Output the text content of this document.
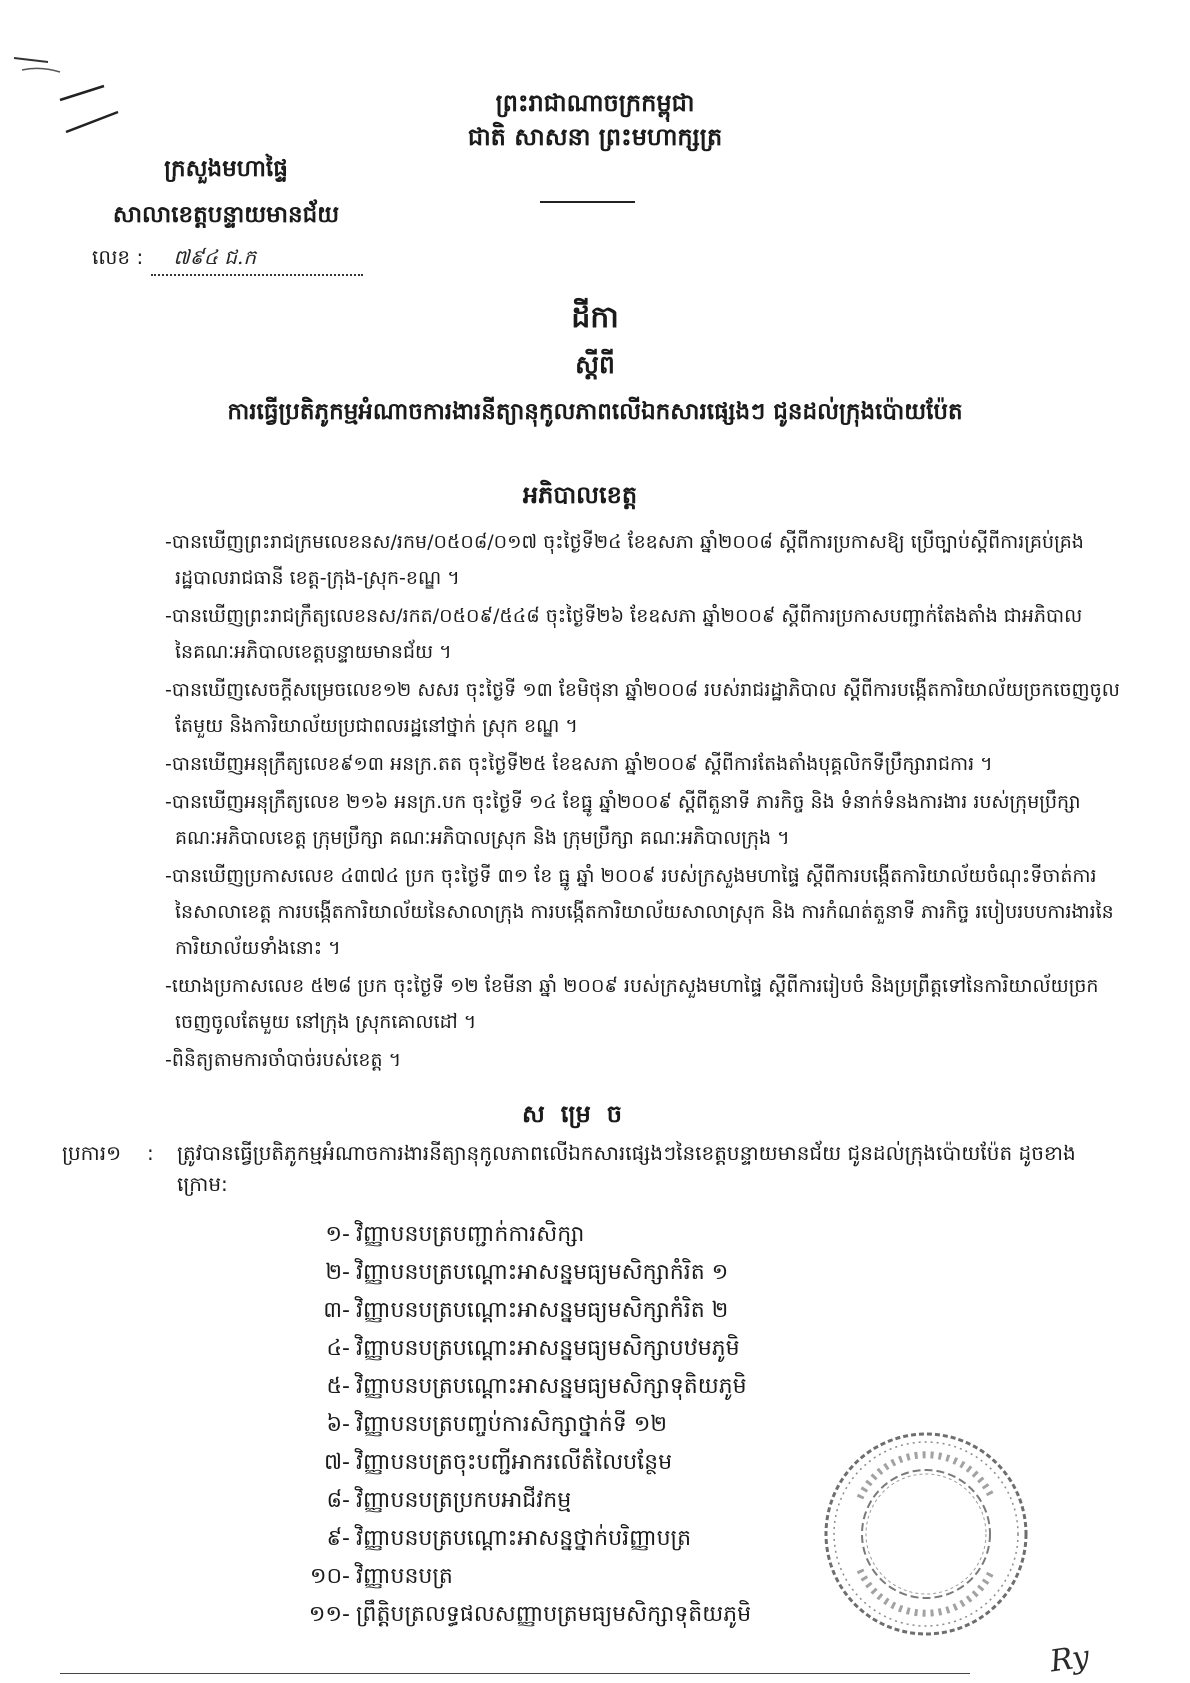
ព្រះរាជាណាចក្រកម្ពុជា
ជាតិ សាសនា ព្រះមហាក្សត្រ
ក្រសួងមហាផ្ទៃ
សាលាខេត្តបន្ទាយមានជ័យ
លេខ : ៧៩៤ ជ.ក
ដីកា
ស្តីពី
ការធ្វើប្រតិភូកម្មអំណាចការងារនីត្យានុកូលភាពលើឯកសារផ្សេងៗ ជូនដល់ក្រុងប៉ោយប៉ែត
អភិបាលខេត្ត

-បានឃើញព្រះរាជក្រមលេខនស/រកម/០៥០៨/០១៧ ចុះថ្ងៃទី២៤ ខែឧសភា ឆ្នាំ២០០៨ ស្តីពីការប្រកាសឱ្យ ប្រើច្បាប់ស្តីពីការគ្រប់គ្រងរដ្ឋបាលរាជធានី ខេត្ត-ក្រុង-ស្រុក-ខណ្ឌ ។

-បានឃើញព្រះរាជក្រឹត្យលេខនស/រកត/០៥០៩/៥៤៨ ចុះថ្ងៃទី២៦ ខែឧសភា ឆ្នាំ២០០៩ ស្តីពីការប្រកាសបញ្ជាក់តែងតាំង ជាអភិបាល នៃគណៈអភិបាលខេត្តបន្ទាយមានជ័យ ។

-បានឃើញសេចក្តីសម្រេចលេខ១២ សសរ ចុះថ្ងៃទី ១៣ ខែមិថុនា ឆ្នាំ២០០៨ របស់រាជរដ្ឋាភិបាល ស្តីពីការបង្កើតការិយាល័យច្រកចេញចូលតែមួយ និងការិយាល័យប្រជាពលរដ្ឋនៅថ្នាក់ ស្រុក ខណ្ឌ ។

-បានឃើញអនុក្រឹត្យលេខ៩១៣ អនក្រ.តត ចុះថ្ងៃទី២៥ ខែឧសភា ឆ្នាំ២០០៩ ស្តីពីការតែងតាំងបុគ្គលិកទីប្រឹក្សារាជការ ។

-បានឃើញអនុក្រឹត្យលេខ ២១៦ អនក្រ.បក ចុះថ្ងៃទី ១៤ ខែធ្នូ ឆ្នាំ២០០៩ ស្តីពីតួនាទី ភារកិច្ច និង ទំនាក់ទំនងការងារ របស់ក្រុមប្រឹក្សា គណៈអភិបាលខេត្ត ក្រុមប្រឹក្សា គណៈអភិបាលស្រុក និង ក្រុមប្រឹក្សា គណៈអភិបាលក្រុង ។

-បានឃើញប្រកាសលេខ ៤៣៧៤ ប្រក ចុះថ្ងៃទី ៣១ ខែ ធ្នូ ឆ្នាំ ២០០៩ របស់ក្រសួងមហាផ្ទៃ ស្តីពីការបង្កើតការិយាល័យចំណុះទីចាត់ការ នៃសាលាខេត្ត ការបង្កើតការិយាល័យនៃសាលាក្រុង ការបង្កើតការិយាល័យសាលាស្រុក និង ការកំណត់តួនាទី ភារកិច្ច របៀបរបបការងារនៃការិយាល័យទាំងនោះ ។

-យោងប្រកាសលេខ ៥២៨ ប្រក ចុះថ្ងៃទី ១២ ខែមីនា ឆ្នាំ ២០០៩ របស់ក្រសួងមហាផ្ទៃ ស្តីពីការរៀបចំ និងប្រព្រឹត្តទៅនៃការិយាល័យច្រកចេញចូលតែមួយ នៅក្រុង ស្រុកគោលដៅ ។

-ពិនិត្យតាមការចាំបាច់របស់ខេត្ត ។

សម្រេច
ប្រការ១	:	ត្រូវបានធ្វើប្រតិភូកម្មអំណាចការងារនីត្យានុកូលភាពលើឯកសារផ្សេងៗនៃខេត្តបន្ទាយមានជ័យ ជូនដល់ក្រុងប៉ោយប៉ែត ដូចខាងក្រោម:
១- វិញ្ញាបនបត្របញ្ជាក់ការសិក្សា
២- វិញ្ញាបនបត្របណ្តោះអាសន្នមធ្យមសិក្សាកំរិត ១
៣- វិញ្ញាបនបត្របណ្តោះអាសន្នមធ្យមសិក្សាកំរិត ២
៤- វិញ្ញាបនបត្របណ្តោះអាសន្នមធ្យមសិក្សាបឋមភូមិ
៥- វិញ្ញាបនបត្របណ្តោះអាសន្នមធ្យមសិក្សាទុតិយភូមិ
៦- វិញ្ញាបនបត្របញ្ចប់ការសិក្សាថ្នាក់ទី ១២
៧- វិញ្ញាបនបត្រចុះបញ្ជីអាករលើតំលៃបន្ថែម
៨- វិញ្ញាបនបត្រប្រកបអាជីវកម្ម
៩- វិញ្ញាបនបត្របណ្តោះអាសន្នថ្នាក់បរិញ្ញាបត្រ
១០- វិញ្ញាបនបត្រ
១១- ព្រឹត្តិបត្រលទ្ធផលសញ្ញាបត្រមធ្យមសិក្សាទុតិយភូមិ
Ry
